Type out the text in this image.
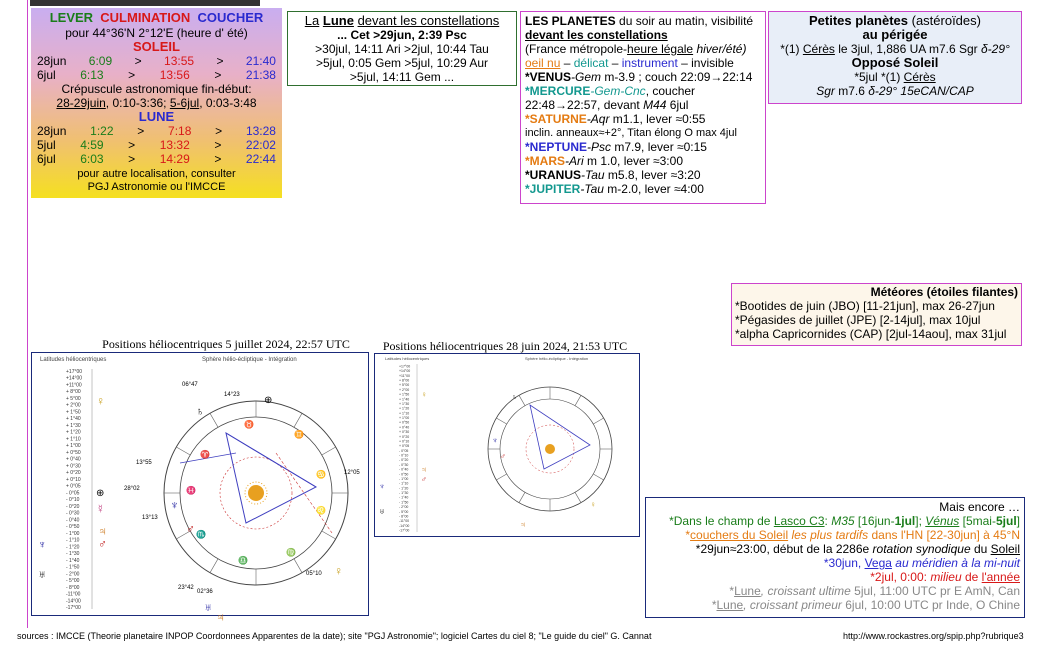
LEVER CULMINATION COUCHER
pour 44°36'N 2°12'E (heure d' été)
SOLEIL
28jun 6:09 > 13:55 > 21:40
6jul 6:13 > 13:56 > 21:38
Crépuscule astronomique fin-début:
28-29juin, 0:10-3:36; 5-6jul, 0:03-3:48
LUNE
28jun 1:22 > 7:18 > 13:28
5jul 4:59 > 13:32 > 22:02
6jul 6:03 > 14:29 > 22:44
pour autre localisation, consulter
PGJ Astronomie ou l'IMCCE
La Lune devant les constellations
... Cet >29jun, 2:39 Psc
>30jul, 14:11 Ari >2jul, 10:44 Tau
>5jul, 0:05 Gem >5jul, 10:29 Aur
>5jul, 14:11 Gem ...
LES PLANETES du soir au matin, visibilité
devant les constellations
(France métropole-heure légale hiver/été)
oeil nu – délicat – instrument – invisible
*VENUS-Gem m-3.9 ; couch 22:09→22:14
*MERCURE-Gem-Cnc, coucher
22:48→22:57, devant M44 6jul
*SATURNE-Aqr m1.1, lever ≈0:55
inclin. anneaux≈+2°, Titan élong O max 4jul
*NEPTUNE-Psc m7.9, lever ≈0:15
*MARS-Ari m 1.0, lever ≈3:00
*URANUS-Tau m5.8, lever ≈3:20
*JUPITER-Tau m-2.0, lever ≈4:00
Petites planètes (astéroïdes)
au périgée
*(1) Cérès le 3jul, 1,886 UA m7.6 Sgr δ-29°
Opposé Soleil
*5jul *(1) Cérès
Sgr m7.6 δ-29° 15eCAN/CAP
Météores (étoiles filantes)
*Bootides de juin (JBO) [11-21jun], max 26-27jun
*Pégasides de juillet (JPE) [2-14jul], max 10jul
*alpha Capricornides (CAP) [2jul-14aou], max 31jul
Positions héliocentriques 5 juillet 2024, 22:57 UTC
Latitudes héliocentriques	Sphère hélio-écliptique - Intégration
+17°00
+14°00
+11°00
+ 8°00
+ 5°00
+ 2°00
+ 1°50
+ 1°40
+ 1°30
+ 1°20
+ 1°10
+ 1°00
+ 0°50
+ 0°40
+ 0°30
+ 0°20
+ 0°10
+ 0°05
- 0°05
- 0°10
- 0°20
- 0°30
- 0°40
- 0°50
- 1°00
- 1°10
- 1°20
- 1°30
- 1°40
- 1°50
- 2°00
- 5°00
- 8°00
-11°00
-14°00
-17°00
♀
⊕
☿
♃
♂
♆
♅
♄
⊕
♆
♂
♅
♃
♀
♉
♊
♋
♌
♍
♎
♏
♓
♈
06°47
14°23
13°55
28°02
13°13
12°05
23°42
02°36
05°10
Positions héliocentriques 28 juin 2024, 21:53 UTC
Latitudes héliocentriques	Sphère hélio-écliptique - Intégration
+17°00
+14°00
+11°00
+ 8°00
+ 5°00
+ 2°00
+ 1°50
+ 1°40
+ 1°30
+ 1°20
+ 1°10
+ 1°00
+ 0°50
+ 0°40
+ 0°30
+ 0°20
+ 0°10
+ 0°05
- 0°05
- 0°10
- 0°20
- 0°30
- 0°40
- 0°50
- 1°00
- 1°10
- 1°20
- 1°30
- 1°40
- 1°50
- 2°00
- 5°00
- 8°00
-11°00
-14°00
-17°00
♀
♃
♂
♆
♅
♄
♆
♂
♃
♀	Mais encore …
*Dans le champ de Lasco C3: M35 [16jun-1jul]; Vénus [5mai-5jul]
*couchers du Soleil les plus tardifs dans l'HN [22-30jun] à 45°N
*29jun≈23:00, début de la 2286e rotation synodique du Soleil
*30jun, Vega au méridien à la mi-nuit
*2jul, 0:00: milieu de l'année
*Lune, croissant ultime 5jul, 11:00 UTC pr E AmN, Can
*Lune, croissant primeur 6jul, 10:00 UTC pr Inde, O Chine
sources : IMCCE (Theorie planetaire INPOP Coordonnees Apparentes de la date); site "PGJ Astronomie"; logiciel Cartes du ciel 8; "Le guide du ciel" G. Cannat	http://www.rockastres.org/spip.php?rubrique3
